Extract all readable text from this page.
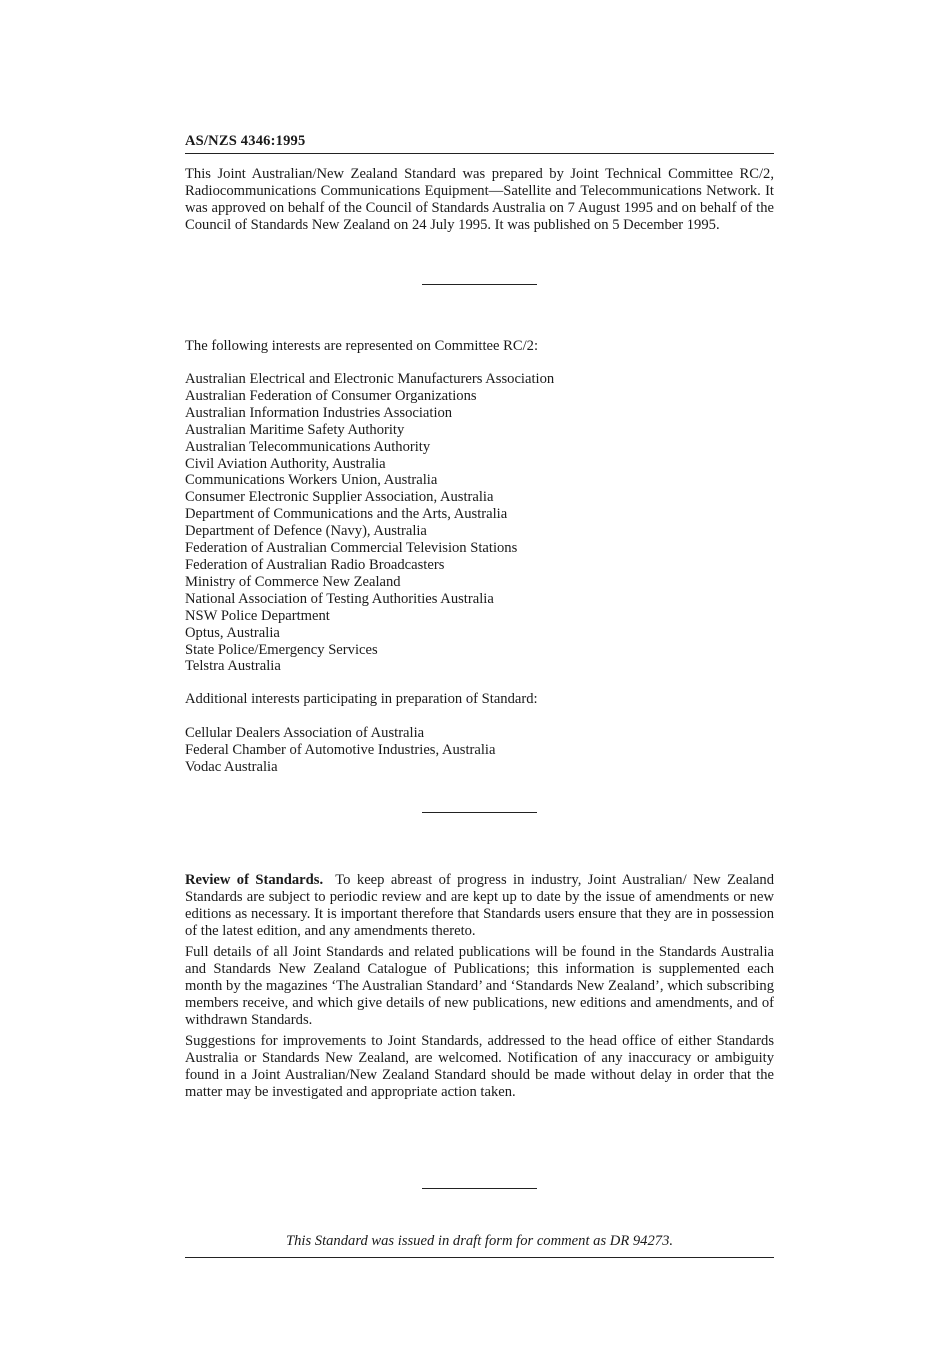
AS/NZS 4346:1995

This Joint Australian/New Zealand Standard was prepared by Joint Technical Committee RC/2, Radiocommunications Communications Equipment—Satellite and Telecommunications Network. It was approved on behalf of the Council of Standards Australia on 7 August 1995 and on behalf of the Council of Standards New Zealand on 24 July 1995. It was published on 5 December 1995.

The following interests are represented on Committee RC/2:

Australian Electrical and Electronic Manufacturers Association
Australian Federation of Consumer Organizations
Australian Information Industries Association
Australian Maritime Safety Authority
Australian Telecommunications Authority
Civil Aviation Authority, Australia
Communications Workers Union, Australia
Consumer Electronic Supplier Association, Australia
Department of Communications and the Arts, Australia
Department of Defence (Navy), Australia
Federation of Australian Commercial Television Stations
Federation of Australian Radio Broadcasters
Ministry of Commerce New Zealand
National Association of Testing Authorities Australia
NSW Police Department
Optus, Australia
State Police/Emergency Services
Telstra Australia

Additional interests participating in preparation of Standard:

Cellular Dealers Association of Australia
Federal Chamber of Automotive Industries, Australia
Vodac Australia

Review of Standards. To keep abreast of progress in industry, Joint Australian/ New Zealand Standards are subject to periodic review and are kept up to date by the issue of amendments or new editions as necessary. It is important therefore that Standards users ensure that they are in possession of the latest edition, and any amendments thereto.

Full details of all Joint Standards and related publications will be found in the Standards Australia and Standards New Zealand Catalogue of Publications; this information is supplemented each month by the magazines ‘The Australian Standard’ and ‘Standards New Zealand’, which subscribing members receive, and which give details of new publications, new editions and amendments, and of withdrawn Standards.

Suggestions for improvements to Joint Standards, addressed to the head office of either Standards Australia or Standards New Zealand, are welcomed. Notification of any inaccuracy or ambiguity found in a Joint Australian/New Zealand Standard should be made without delay in order that the matter may be investigated and appropriate action taken.

This Standard was issued in draft form for comment as DR 94273.
